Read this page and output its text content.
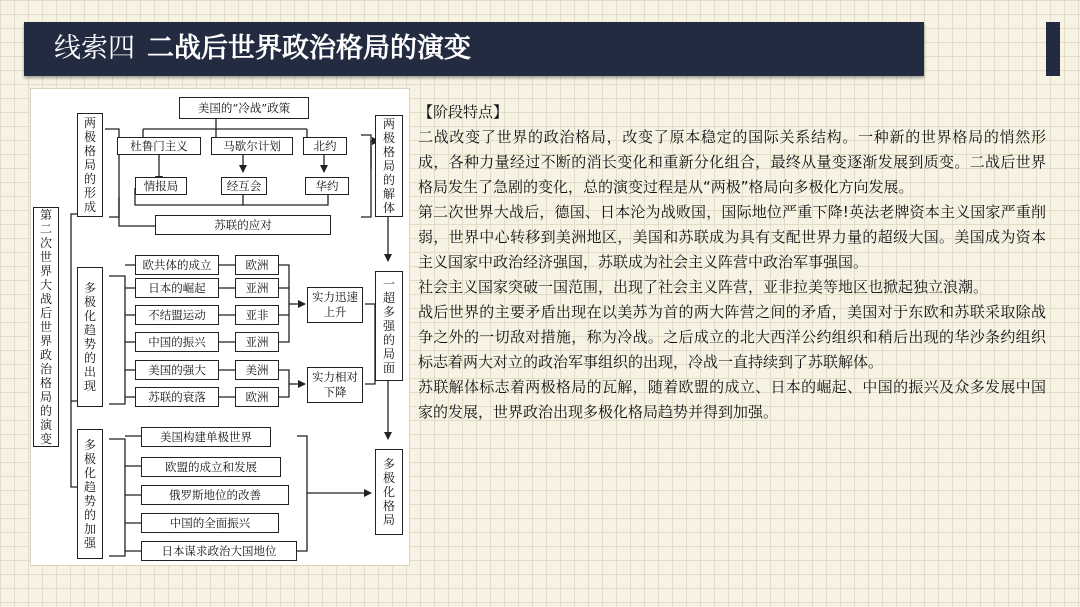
线索四 二战后世界政治格局的演变
第二次世界大战后世界政治格局的演变
两极格局的形成
美国的“冷战”政策
杜鲁门主义	马歇尔计划	北约
情报局	经互会	华约
苏联的应对
多极化趋势的出现
欧共体的成立
日本的崛起
不结盟运动
中国的振兴
美国的强大
苏联的衰落
欧洲
亚洲
亚非
亚洲
美洲
欧洲
实力迅速上升
实力相对下降
多极化趋势的加强
美国构建单极世界
欧盟的成立和发展
俄罗斯地位的改善
中国的全面振兴
日本谋求政治大国地位
两极格局的解体
一超多强的局面
多极化格局

【阶段特点】

二战改变了世界的政治格局，改变了原本稳定的国际关系结构。一种新的世界格局的悄然形成，各种力量经过不断的消长变化和重新分化组合，最终从量变逐渐发展到质变。二战后世界格局发生了急剧的变化，总的演变过程是从“两极”格局向多极化方向发展。

第二次世界大战后，德国、日本沦为战败国，国际地位严重下降!英法老牌资本主义国家严重削弱，世界中心转移到美洲地区，美国和苏联成为具有支配世界力量的超级大国。美国成为资本主义国家中政治经济强国，苏联成为社会主义阵营中政治军事强国。

社会主义国家突破一国范围，出现了社会主义阵营，亚非拉美等地区也掀起独立浪潮。

战后世界的主要矛盾出现在以美苏为首的两大阵营之间的矛盾，美国对于东欧和苏联采取除战争之外的一切敌对措施，称为冷战。之后成立的北大西洋公约组织和稍后出现的华沙条约组织标志着两大对立的政治军事组织的出现，冷战一直持续到了苏联解体。

苏联解体标志着两极格局的瓦解，随着欧盟的成立、日本的崛起、中国的振兴及众多发展中国家的发展，世界政治出现多极化格局趋势并得到加强。
